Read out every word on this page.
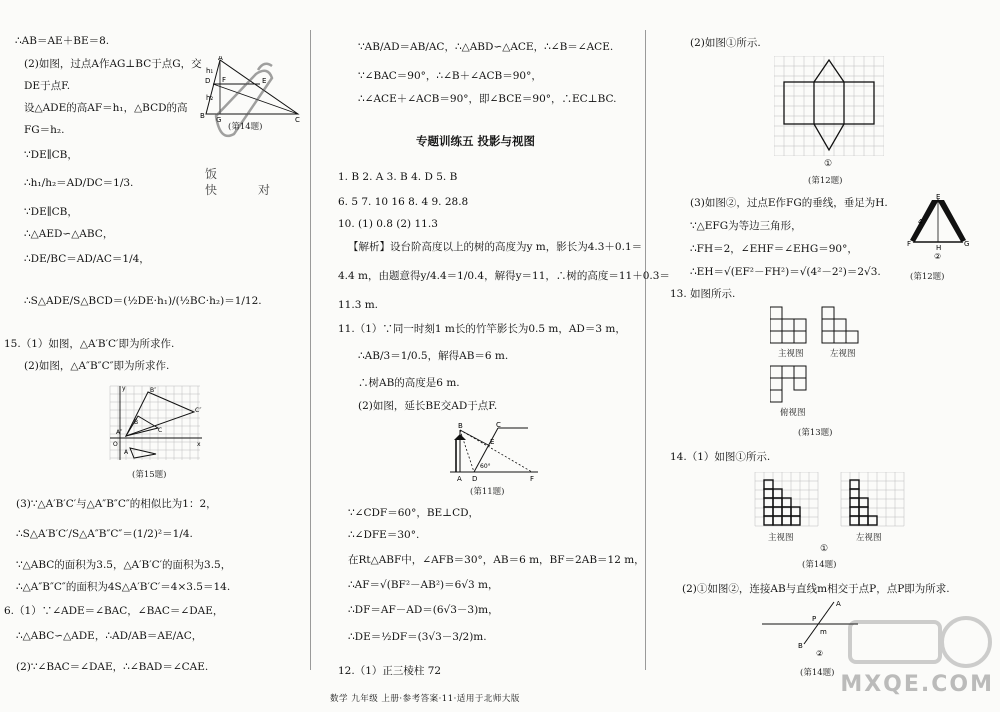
∴AB＝AE＋BE＝8.
(2)如图，过点A作AG⊥BC于点G，交
DE于点F.
设△ADE的高AF＝h₁，△BCD的高
FG＝h₂.
∵DE∥CB，
∴h₁/h₂＝AD/DC＝1/3.
∵DE∥CB，
∴△AED∽△ABC，
∴DE/BC＝AD/AC＝1/4，
∴S△ADE/S△BCD＝(½DE·h₁)/(½BC·h₂)＝1/12.
15.（1）如图，△A′B′C′即为所求作.
(2)如图，△A″B″C″即为所求作.
(3)∵△A′B′C′与△A″B″C″的相似比为1：2，
∴S△A′B′C′/S△A″B″C″＝(1/2)²＝1/4.
∵△ABC的面积为3.5，△A′B′C′的面积为3.5，
∴△A″B″C″的面积为4S△A′B′C′＝4×3.5＝14.
6.（1）∵∠ADE＝∠BAC，∠BAC＝∠DAE，
∴△ABC∽△ADE，∴AD/AB＝AE/AC，
(2)∵∠BAC＝∠DAE，∴∠BAD＝∠CAE.
A
h₁
F
h₂
E
D
B G	C
(第14题)
饭
快	对
B″
C″
A″
y
x
O
B
A
C
(第15题)
∵AB/AD＝AB/AC，∴△ABD∽△ACE，∴∠B＝∠ACE.
∵∠BAC＝90°，∴∠B＋∠ACB＝90°，
∴∠ACE＋∠ACB＝90°，即∠BCE＝90°，∴EC⊥BC.
专题训练五 投影与视图
1. B 2. A 3. B 4. D 5. B
6. 5 7. 10 16 8. 4 9. 28.8
10. (1) 0.8 (2) 11.3
【解析】设台阶高度以上的树的高度为y m，影长为4.3＋0.1＝
4.4 m，由题意得y/4.4＝1/0.4，解得y＝11，∴树的高度＝11＋0.3＝
11.3 m.
11.（1）∵同一时刻1 m长的竹竿影长为0.5 m，AD＝3 m，
∴AB/3＝1/0.5，解得AB＝6 m.
∴树AB的高度是6 m.
(2)如图，延长BE交AD于点F.
B	C
E
60°
A D	F
(第11题)
∵∠CDF＝60°，BE⊥CD，
∴∠DFE＝30°.
在Rt△ABF中，∠AFB＝30°，AB＝6 m，BF＝2AB＝12 m，
∴AF＝√(BF²－AB²)＝6√3 m，
∴DF＝AF－AD＝(6√3－3)m，
∴DE＝½DF＝(3√3－3/2)m.
12.（1）正三棱柱 72
(2)如图①所示.
①
(第12题)
(3)如图②，过点E作FG的垂线，垂足为H.
∵△EFG为等边三角形，
∴FH＝2，∠EHF＝∠EHG＝90°，
∴EH＝√(EF²－FH²)＝√(4²－2²)＝2√3.
E
4
F	H	G
②
(第12题)
13. 如图所示.
主视图	左视图
俯视图
(第13题)
14.（1）如图①所示.
主视图	左视图
①
(第14题)
(2)①如图②，连接AB与直线m相交于点P，点P即为所求.
A
P
m
B
②
(第14题) MXQE.COM
数学 九年级 上册·参考答案·11·适用于北师大版
